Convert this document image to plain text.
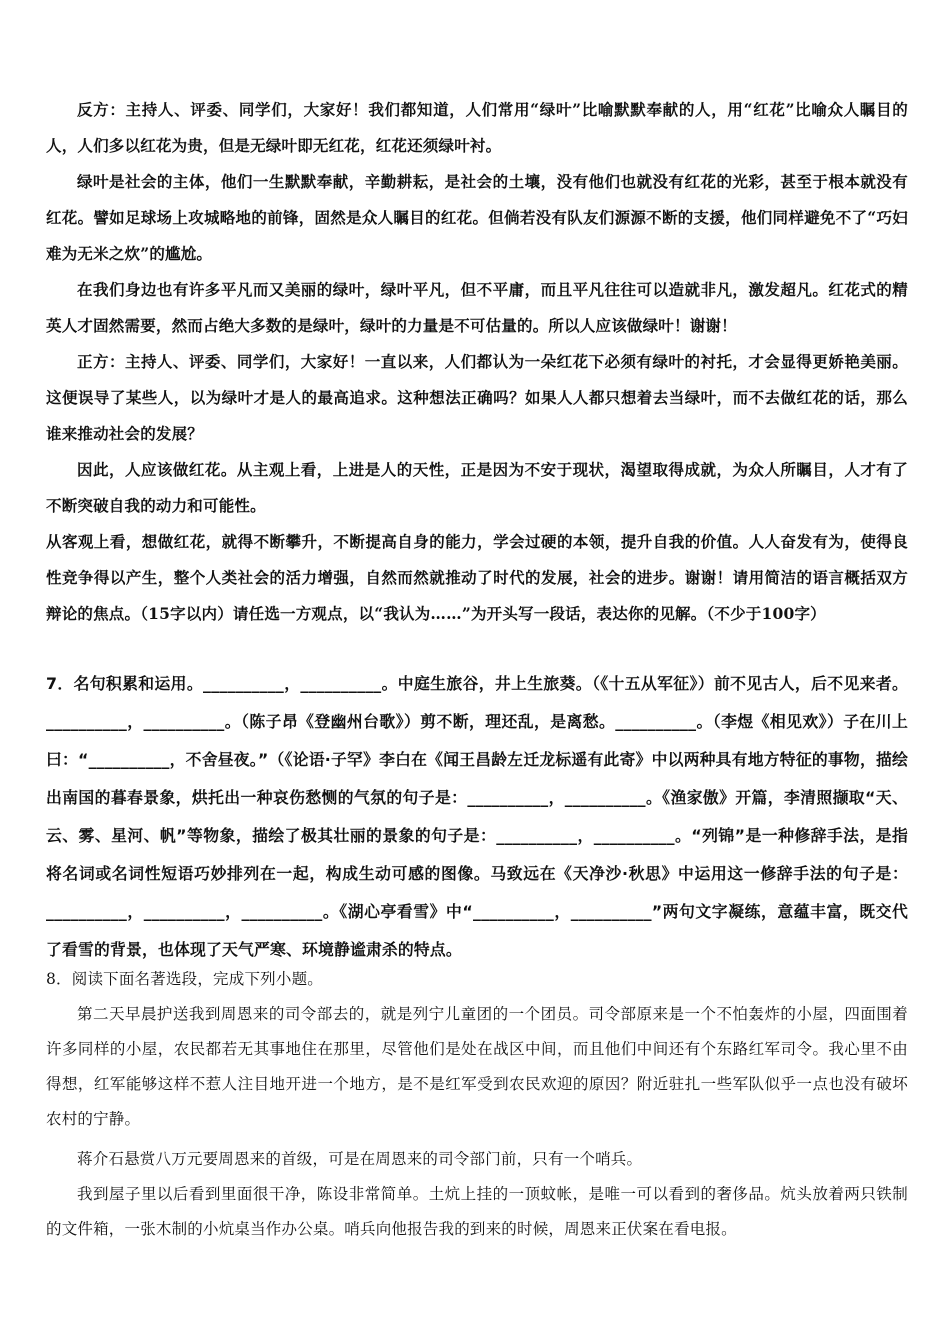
反方：主持人、评委、同学们，大家好！我们都知道，人们常用“绿叶”比喻默默奉献的人，用“红花”比喻众人瞩目的人，人们多以红花为贵，但是无绿叶即无红花，红花还须绿叶衬。

绿叶是社会的主体，他们一生默默奉献，辛勤耕耘，是社会的土壤，没有他们也就没有红花的光彩，甚至于根本就没有红花。譬如足球场上攻城略地的前锋，固然是众人瞩目的红花。但倘若没有队友们源源不断的支援，他们同样避免不了“巧妇难为无米之炊”的尴尬。

在我们身边也有许多平凡而又美丽的绿叶，绿叶平凡，但不平庸，而且平凡往往可以造就非凡，激发超凡。红花式的精英人才固然需要，然而占绝大多数的是绿叶，绿叶的力量是不可估量的。所以人应该做绿叶！谢谢！

正方：主持人、评委、同学们，大家好！一直以来，人们都认为一朵红花下必须有绿叶的衬托，才会显得更娇艳美丽。这便误导了某些人，以为绿叶才是人的最高追求。这种想法正确吗？如果人人都只想着去当绿叶，而不去做红花的话，那么谁来推动社会的发展？

因此，人应该做红花。从主观上看，上进是人的天性，正是因为不安于现状，渴望取得成就，为众人所瞩目，人才有了不断突破自我的动力和可能性。

从客观上看，想做红花，就得不断攀升，不断提高自身的能力，学会过硬的本领，提升自我的价值。人人奋发有为，使得良性竞争得以产生，整个人类社会的活力增强，自然而然就推动了时代的发展，社会的进步。谢谢！请用简洁的语言概括双方辩论的焦点。（15字以内）请任选一方观点，以“我认为……”为开头写一段话，表达你的见解。（不少于100字）

7．名句积累和运用。__________，__________。中庭生旅谷，井上生旅葵。（《十五从军征》）前不见古人，后不见来者。__________，__________。（陈子昂《登幽州台歌》）剪不断，理还乱，是离愁。__________。（李煜《相见欢》）子在川上曰：“__________，不舍昼夜。”（《论语·子罕》李白在《闻王昌龄左迁龙标遥有此寄》中以两种具有地方特征的事物，描绘出南国的暮春景象，烘托出一种哀伤愁恻的气氛的句子是：__________，__________。《渔家傲》开篇，李清照撷取“天、云、雾、星河、帆”等物象，描绘了极其壮丽的景象的句子是：__________，__________。“列锦”是一种修辞手法，是指将名词或名词性短语巧妙排列在一起，构成生动可感的图像。马致远在《天净沙·秋思》中运用这一修辞手法的句子是：__________，__________，__________。《湖心亭看雪》中“__________，__________”两句文字凝练，意蕴丰富，既交代了看雪的背景，也体现了天气严寒、环境静谧肃杀的特点。

8．阅读下面名著选段，完成下列小题。

第二天早晨护送我到周恩来的司令部去的，就是列宁儿童团的一个团员。司令部原来是一个不怕轰炸的小屋，四面围着许多同样的小屋，农民都若无其事地住在那里，尽管他们是处在战区中间，而且他们中间还有个东路红军司令。我心里不由得想，红军能够这样不惹人注目地开进一个地方，是不是红军受到农民欢迎的原因？附近驻扎一些军队似乎一点也没有破坏农村的宁静。

蒋介石悬赏八万元要周恩来的首级，可是在周恩来的司令部门前，只有一个哨兵。

我到屋子里以后看到里面很干净，陈设非常简单。土炕上挂的一顶蚊帐，是唯一可以看到的奢侈品。炕头放着两只铁制的文件箱，一张木制的小炕桌当作办公桌。哨兵向他报告我的到来的时候，周恩来正伏案在看电报。
